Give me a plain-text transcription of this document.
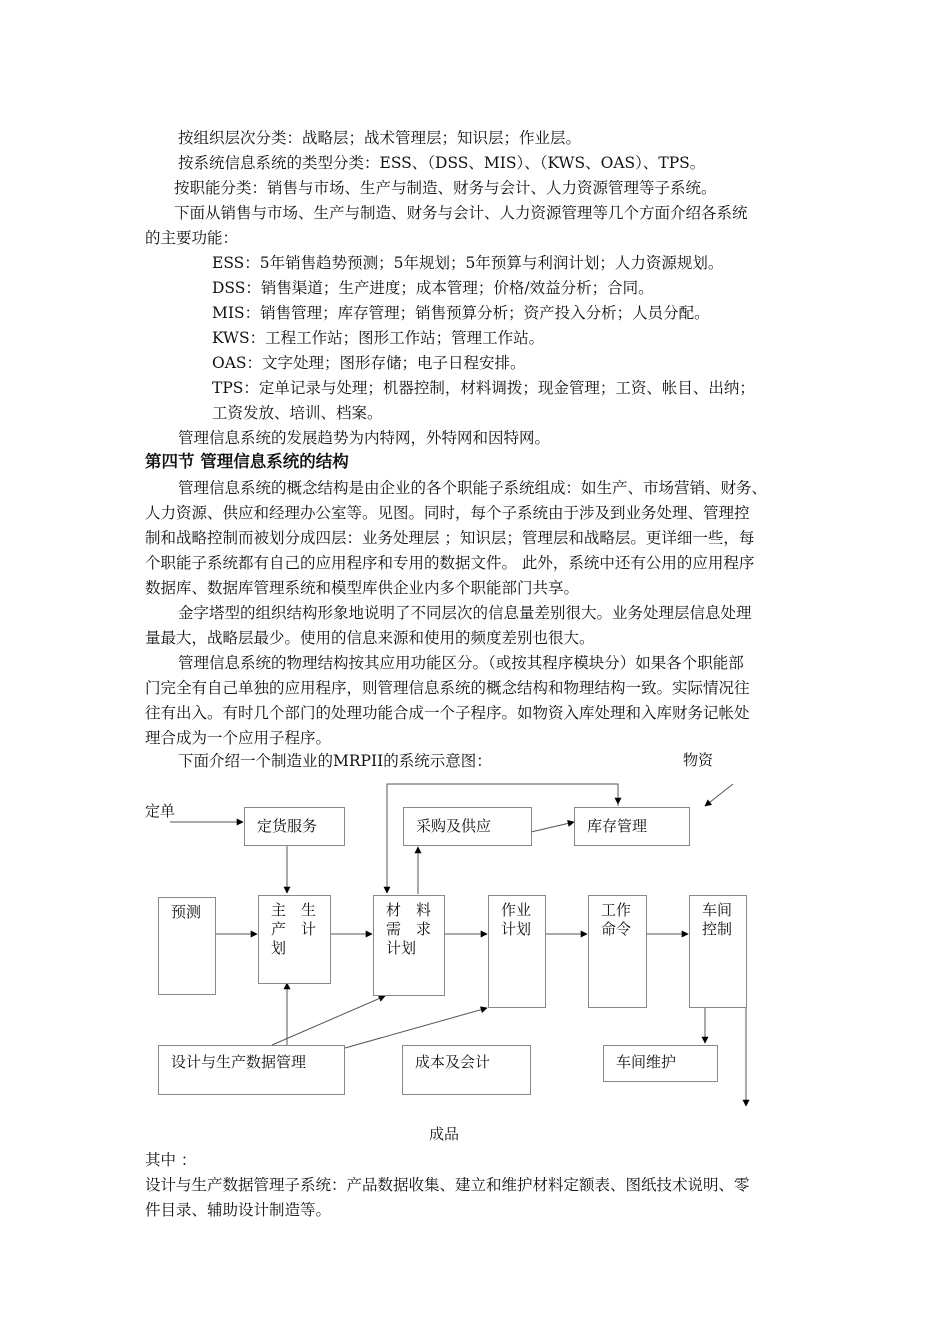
按组织层次分类：战略层；战术管理层；知识层；作业层。
按系统信息系统的类型分类：ESS、（DSS、MIS）、（KWS、OAS）、TPS。
按职能分类：销售与市场、生产与制造、财务与会计、人力资源管理等子系统。
下面从销售与市场、生产与制造、财务与会计、人力资源管理等几个方面介绍各系统
的主要功能：
ESS：5年销售趋势预测；5年规划；5年预算与利润计划；人力资源规划。
DSS：销售渠道；生产进度；成本管理；价格/效益分析；合同。
MIS：销售管理；库存管理；销售预算分析；资产投入分析；人员分配。
KWS：工程工作站；图形工作站；管理工作站。
OAS：文字处理；图形存储；电子日程安排。
TPS：定单记录与处理；机器控制，材料调拨；现金管理；工资、帐目、出纳；
工资发放、培训、档案。
管理信息系统的发展趋势为内特网，外特网和因特网。
第四节 管理信息系统的结构
管理信息系统的概念结构是由企业的各个职能子系统组成：如生产、市场营销、财务、
人力资源、供应和经理办公室等。见图。同时，每个子系统由于涉及到业务处理、管理控
制和战略控制而被划分成四层：业务处理层 ；知识层；管理层和战略层。更详细一些，每
个职能子系统都有自己的应用程序和专用的数据文件。 此外，系统中还有公用的应用程序
数据库、数据库管理系统和模型库供企业内多个职能部门共享。
金字塔型的组织结构形象地说明了不同层次的信息量差别很大。业务处理层信息处理
量最大，战略层最少。使用的信息来源和使用的频度差别也很大。
管理信息系统的物理结构按其应用功能区分。（或按其程序模块分）如果各个职能部
门完全有自己单独的应用程序，则管理信息系统的概念结构和物理结构一致。实际情况往
往有出入。有时几个部门的处理功能合成一个子程序。如物资入库处理和入库财务记帐处
理合成为一个应用子程序。
下面介绍一个制造业的MRPII的系统示意图：
定单
物资
成品
定货服务	采购及供应	库存管理
预测	主　生
产　计
划
材　料
需　求
计划
作业
计划
工作
命令
车间
控制
设计与生产数据管理	成本及会计	车间维护
其中 ：
设计与生产数据管理子系统：产品数据收集、建立和维护材料定额表、图纸技术说明、零
件目录、辅助设计制造等。
